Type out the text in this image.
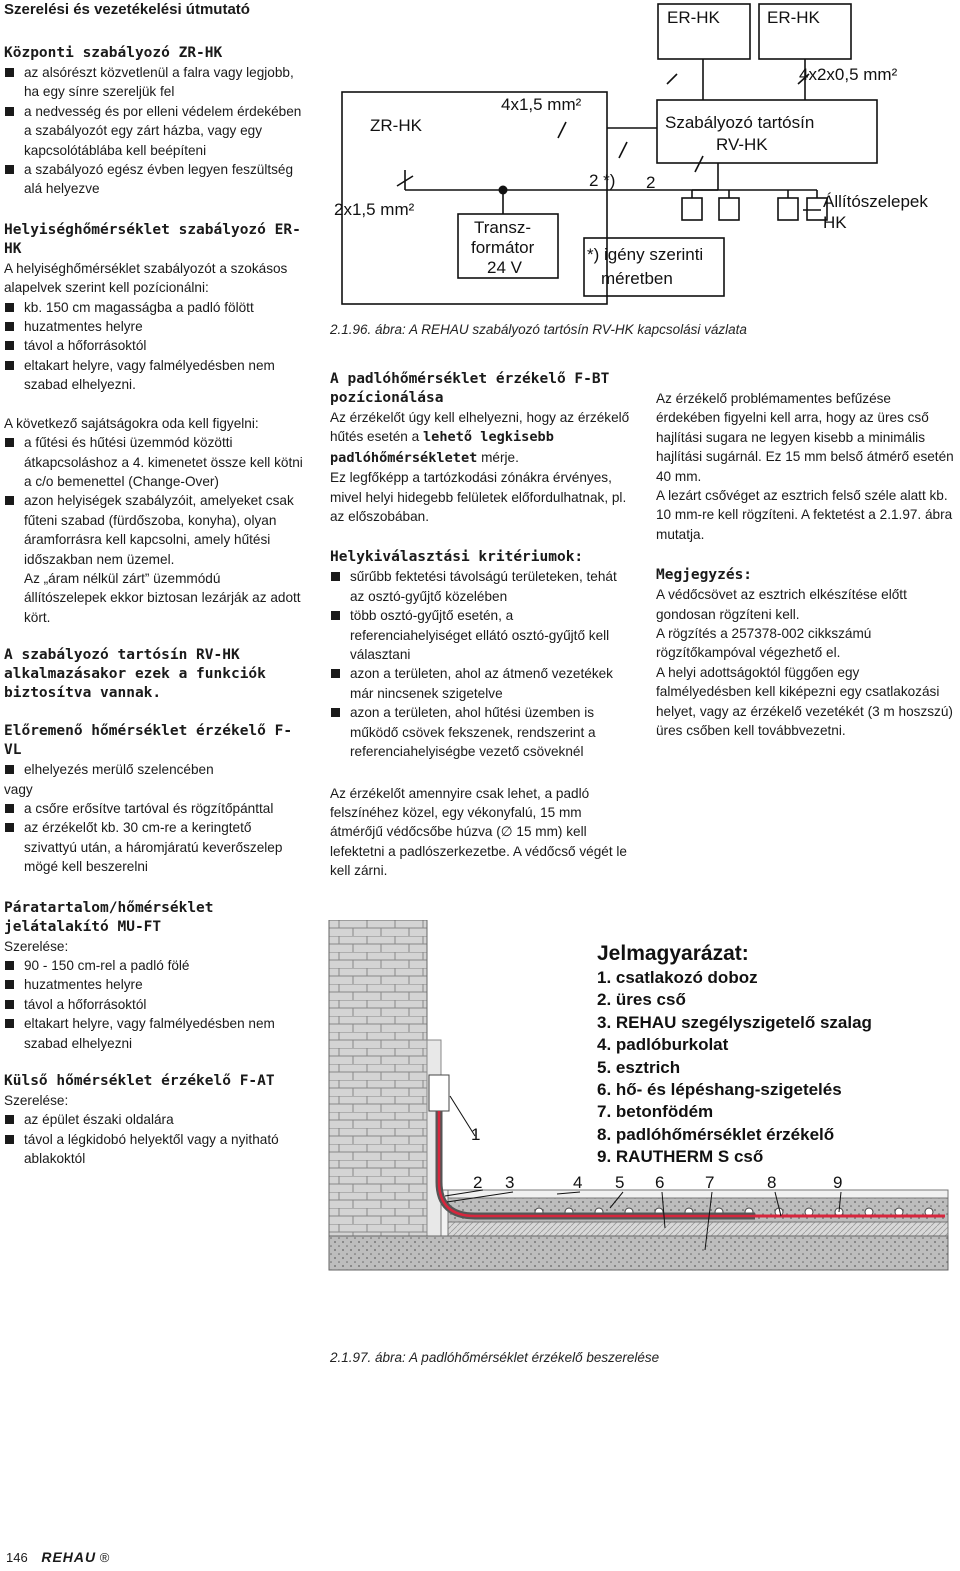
Szerelési és vezetékelési útmutató
Központi szabályozó ZR-HK
az alsórészt közvetlenül a falra vagy legjobb, ha egy sínre szereljük fel
a nedvesség és por elleni védelem érdekében a szabályozót egy zárt házba, vagy egy kapcsolótáblába kell beépíteni
a szabályozó egész évben legyen feszültség alá helyezve
Helyiséghőmérséklet szabályozó ER-HK

A helyiséghőmérséklet szabályozót a szokásos alapelvek szerint kell pozícionálni:

kb. 150 cm magasságba a padló fölött
huzatmentes helyre
távol a hőforrásoktól
eltakart helyre, vagy falmélyedésben nem szabad elhelyezni.

A következő sajátságokra oda kell figyelni:

a fűtési és hűtési üzemmód közötti átkapcsoláshoz a 4. kimenetet össze kell kötni a c/o bemenettel (Change-Over)
azon helyiségek szabályzóit, amelyeket csak fűteni szabad (fürdőszoba, konyha), olyan áramforrásra kell kapcsolni, amely hűtési időszakban nem üzemel.

Az „áram nélkül zárt” üzemmódú állítószelepek ekkor biztosan lezárják az adott kört.

A szabályozó tartósín RV-HK alkalmazásakor ezek a funkciók biztosítva vannak.
Előremenő hőmérséklet érzékelő F-VL
elhelyezés merülő szelencében

vagy

a csőre erősítve tartóval és rögzítőpánttal
az érzékelőt kb. 30 cm-re a keringtető szivattyú után, a háromjáratú keverőszelep mögé kell beszerelni
Páratartalom/hőmérséklet jelátalakító MU-FT

Szerelése:

90 - 150 cm-rel a padló fölé
huzatmentes helyre
távol a hőforrásoktól
eltakart helyre, vagy falmélyedésben nem szabad elhelyezni
Külső hőmérséklet érzékelő F-AT

Szerelése:

az épület északi oldalára
távol a légkidobó helyektől vagy a nyitható ablakoktól
ER-HK	ER-HK
4x2x0,5 mm²
ZR-HK
4x1,5 mm²
Szabályozó tartósín
RV-HK
2x1,5 mm²
2 *) 2
Transz-
formátor
24 V
*) igény szerinti
méretben
Állítószelepek
HK
2.1.96. ábra: A REHAU szabályozó tartósín RV-HK kapcsolási vázlata
A padlóhőmérséklet érzékelő F-BT pozícionálása

Az érzékelőt úgy kell elhelyezni, hogy az érzékelő hűtés esetén a lehető legkisebb padlóhőmérsékletet mérje.

Ez legfőképp a tartózkodási zónákra érvényes, mivel helyi hidegebb felületek előfordulhatnak, pl. az előszobában.

Helykiválasztási kritériumok:
sűrűbb fektetési távolságú területeken, tehát az osztó-gyűjtő közelében
több osztó-gyűjtő esetén, a referenciahelyiséget ellátó osztó-gyűjtő kell választani
azon a területen, ahol az átmenő vezetékek már nincsenek szigetelve
azon a területen, ahol hűtési üzemben is működő csövek fekszenek, rendszerint a referenciahelyiségbe vezető csöveknél

Az érzékelőt amennyire csak lehet, a padló felszínéhez közel, egy vékonyfalú, 15 mm átmérőjű védőcsőbe húzva (∅ 15 mm) kell lefektetni a padlószerkezetbe. A védőcső végét le kell zárni.

Az érzékelő problémamentes befűzése érdekében figyelni kell arra, hogy az üres cső hajlítási sugara ne legyen kisebb a minimális hajlítási sugárnál. Ez 15 mm belső átmérő esetén 40 mm.

A lezárt csővéget az esztrich felső széle alatt kb. 10 mm-re kell rögzíteni. A fektetést a 2.1.97. ábra mutatja.

Megjegyzés:

A védőcsövet az esztrich elkészítése előtt gondosan rögzíteni kell.

A rögzítés a 257378-002 cikkszámú rögzítőkampóval végezhető el.

A helyi adottságoktól függően egy falmélyedésben kell kiképezni egy csatlakozási helyet, vagy az érzékelő vezetékét (3 m hoszszú) üres csőben kell továbbvezetni.

1
2 3	4 5 6 7	8	9
Jelmagyarázat:
1. csatlakozó doboz
2. üres cső
3. REHAU szegélyszigetelő szalag
4. padlóburkolat
5. esztrich
6. hő- és lépéshang-szigetelés
7. betonfödém
8. padlóhőmérséklet érzékelő
9. RAUTHERM S cső
2.1.97. ábra: A padlóhőmérséklet érzékelő beszerelése
146 REHAU ®
